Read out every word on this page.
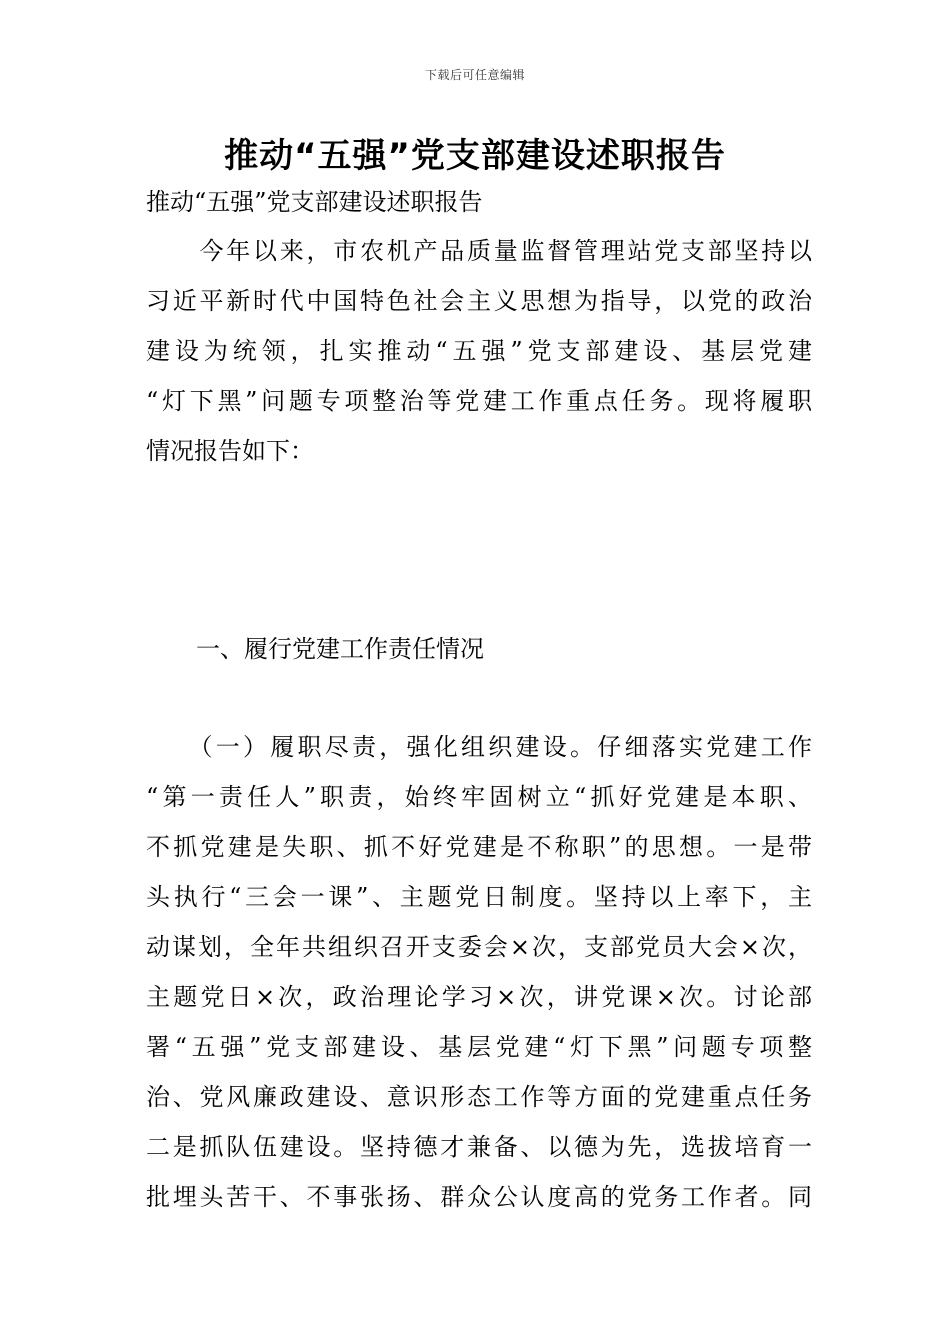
下载后可任意编辑
推动“五强”党支部建设述职报告
推动“五强”党支部建设述职报告
　　今年以来，市农机产品质量监督管理站党支部坚持以
习近平新时代中国特色社会主义思想为指导，以党的政治
建设为统领，扎实推动“五强”党支部建设、基层党建
“灯下黑”问题专项整治等党建工作重点任务。现将履职
情况报告如下：
一、履行党建工作责任情况
　　（一）履职尽责，强化组织建设。仔细落实党建工作
“第一责任人”职责，始终牢固树立“抓好党建是本职、
不抓党建是失职、抓不好党建是不称职”的思想。一是带
头执行“三会一课”、主题党日制度。坚持以上率下，主
动谋划，全年共组织召开支委会×次，支部党员大会×次，
主题党日×次，政治理论学习×次，讲党课×次。讨论部
署“五强”党支部建设、基层党建“灯下黑”问题专项整
治、党风廉政建设、意识形态工作等方面的党建重点任务
二是抓队伍建设。坚持德才兼备、以德为先，选拔培育一
批埋头苦干、不事张扬、群众公认度高的党务工作者。同
